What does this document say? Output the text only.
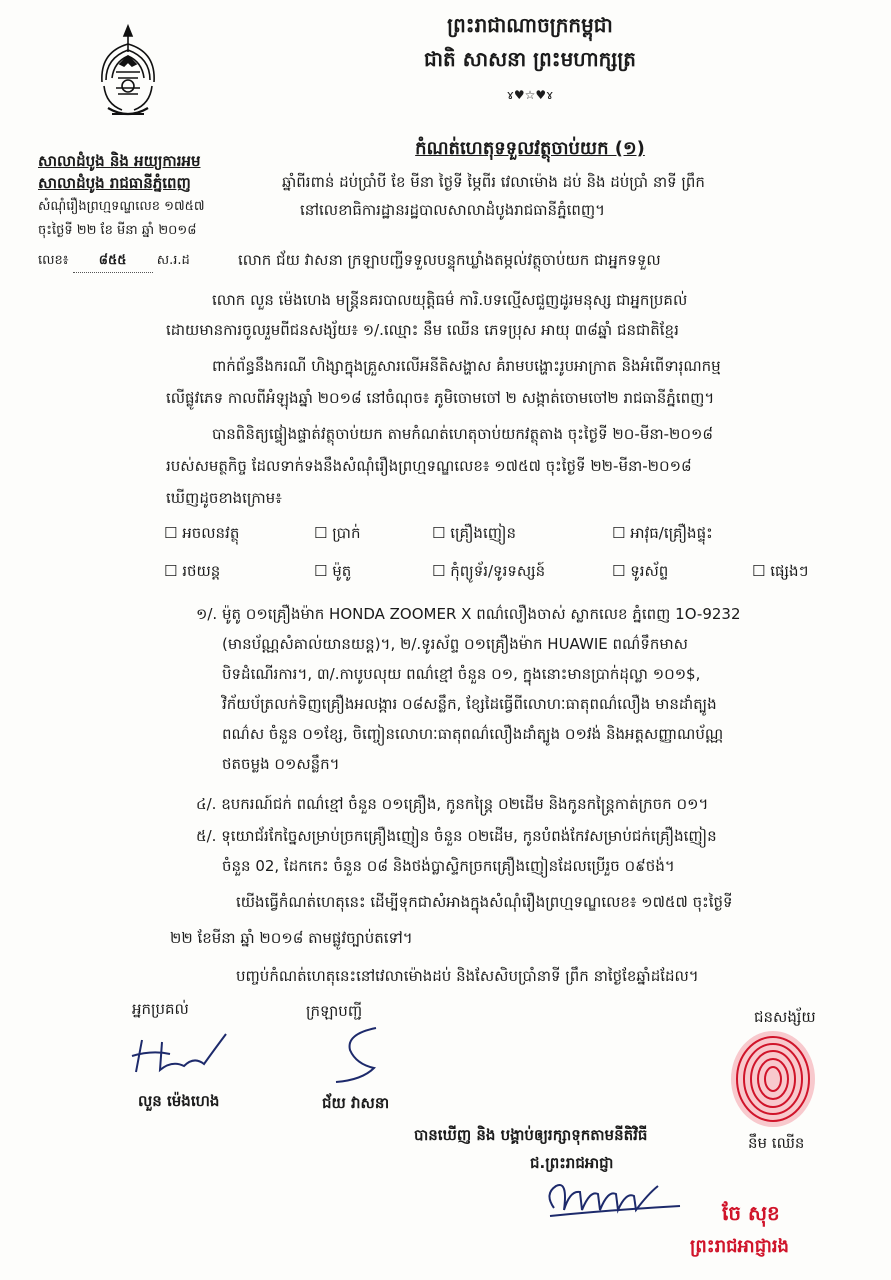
ព្រះរាជាណាចក្រកម្ពុជា
ជាតិ សាសនា ព្រះមហាក្សត្រ
ɤ♥☆♥ɤ
សាលាដំបូង និង អយ្យការអម
សាលាដំបូង រាជធានីភ្នំពេញ
សំណុំរឿងព្រហ្មទណ្ឌលេខ ១៧៥៧
ចុះថ្ងៃទី ២២ ខែ មីនា ឆ្នាំ ២០១៨
លេខ៖ ៨៥៥ ស.រ.ដ
កំណត់ហេតុទទួលវត្ថុចាប់យក (១)
ឆ្នាំពីរពាន់ ដប់ប្រាំបី ខែ មីនា ថ្ងៃទី ម្ភៃពីរ វេលាម៉ោង ដប់ និង ដប់ប្រាំ នាទី ព្រឹក
នៅលេខាធិការដ្ឋានរដ្ឋបាលសាលាដំបូងរាជធានីភ្នំពេញ។
លោក ជ័យ វាសនា ក្រឡាបញ្ជីទទួលបន្ទុកឃ្លាំងតម្កល់វត្ថុចាប់យក ជាអ្នកទទួល
លោក លួន ម៉េងហេង មន្ត្រីនគរបាលយុត្តិធម៌ ការិ.បទល្មើសជួញដូរមនុស្ស ជាអ្នកប្រគល់
ដោយមានការចូលរួមពីជនសង្ស័យ៖ ១/.ឈ្មោះ នឹម ឈើន ភេទប្រុស អាយុ ៣៨ឆ្នាំ ជនជាតិខ្មែរ
ពាក់ព័ន្ធនឹងករណី ហិង្សាក្នុងគ្រួសារលើអនីតិសង្ហាស គំរាមបង្ហោះរូបអាក្រាត និងអំពើទារុណកម្ម
លើផ្លូវភេទ កាលពីអំឡុងឆ្នាំ ២០១៨ នៅចំណុច៖ ភូមិចោមចៅ ២ សង្កាត់ចោមចៅ២ រាជធានីភ្នំពេញ។
បានពិនិត្យផ្ទៀងផ្ទាត់វត្ថុចាប់យក តាមកំណត់ហេតុចាប់យកវត្ថុតាង ចុះថ្ងៃទី ២០-មីនា-២០១៨
របស់សមត្ថកិច្ច ដែលទាក់ទងនឹងសំណុំរឿងព្រហ្មទណ្ឌលេខ៖ ១៧៥៧ ចុះថ្ងៃទី ២២-មីនា-២០១៨
ឃើញដូចខាងក្រោម៖
☐ អចលនវត្ថុ	☐ ប្រាក់	☐ គ្រឿងញៀន	☐ អាវុធ/គ្រឿងផ្ទុះ
☐ រថយន្ត	☐ ម៉ូតូ	☐ កុំព្យូទ័រ/ទូរទស្សន៍	☐ ទូរស័ព្ទ	☐ ផ្សេងៗ
១/. ម៉ូតូ ០១គ្រឿងម៉ាក HONDA ZOOMER X ពណ៌លឿងចាស់ ស្លាកលេខ ភ្នំពេញ 1O-9232
(មានប័ណ្ណសំគាល់យានយន្ត)។, ២/.ទូរស័ព្ទ ០១គ្រឿងម៉ាក HUAWIE ពណ៌ទឹកមាស
បិទដំណើរការ។, ៣/.កាបូបលុយ ពណ៌ខ្មៅ ចំនួន ០១, ក្នុងនោះមានប្រាក់ដុល្លា ១០១$,
វិក័យប័ត្រលក់ទិញគ្រឿងអលង្ការ ០៨សន្លឹក, ខ្សែដៃធ្វើពីលោហៈធាតុពណ៌លឿង មានដាំត្បូង
ពណ៌ស ចំនួន ០១ខ្សែ, ចិញ្ចៀនលោហៈធាតុពណ៌លឿងដាំត្បូង ០១វង់ និងអត្តសញ្ញាណប័ណ្ណ
ថតចម្លង ០១សន្លឹក។
៤/. ឧបករណ៍ជក់ ពណ៌ខ្មៅ ចំនួន ០១គ្រឿង, កូនកន្ត្រៃ ០២ដើម និងកូនកន្ត្រៃកាត់ក្រចក ០១។
៥/. ទុយោជ័រកែច្នៃសម្រាប់ច្រកគ្រឿងញៀន ចំនួន ០២ដើម, កូនបំពង់កែវសម្រាប់ជក់គ្រឿងញៀន
ចំនួន 02, ដែកកេះ ចំនួន ០៨ និងថង់ប្លាស្ទិកច្រកគ្រឿងញៀនដែលប្រើរួច ០៩ថង់។
យើងធ្វើកំណត់ហេតុនេះ ដើម្បីទុកជាសំអាងក្នុងសំណុំរឿងព្រហ្មទណ្ឌលេខ៖ ១៧៥៧ ចុះថ្ងៃទី
២២ ខែមីនា ឆ្នាំ ២០១៨ តាមផ្លូវច្បាប់តទៅ។
បញ្ចប់កំណត់ហេតុនេះនៅវេលាម៉ោងដប់ និងសែសិបប្រាំនាទី ព្រឹក នាថ្ងៃខែឆ្នាំដដែល។
អ្នកប្រគល់
លួន ម៉េងហេង
ក្រឡាបញ្ជី
ជ័យ វាសនា
ជនសង្ស័យ
នឹម ឈើន
បានឃើញ និង បង្គាប់ឲ្យរក្សាទុកតាមនីតិវិធី
ជ.ព្រះរាជអាជ្ញា
ចែ សុខ
ព្រះរាជអាជ្ញារង
